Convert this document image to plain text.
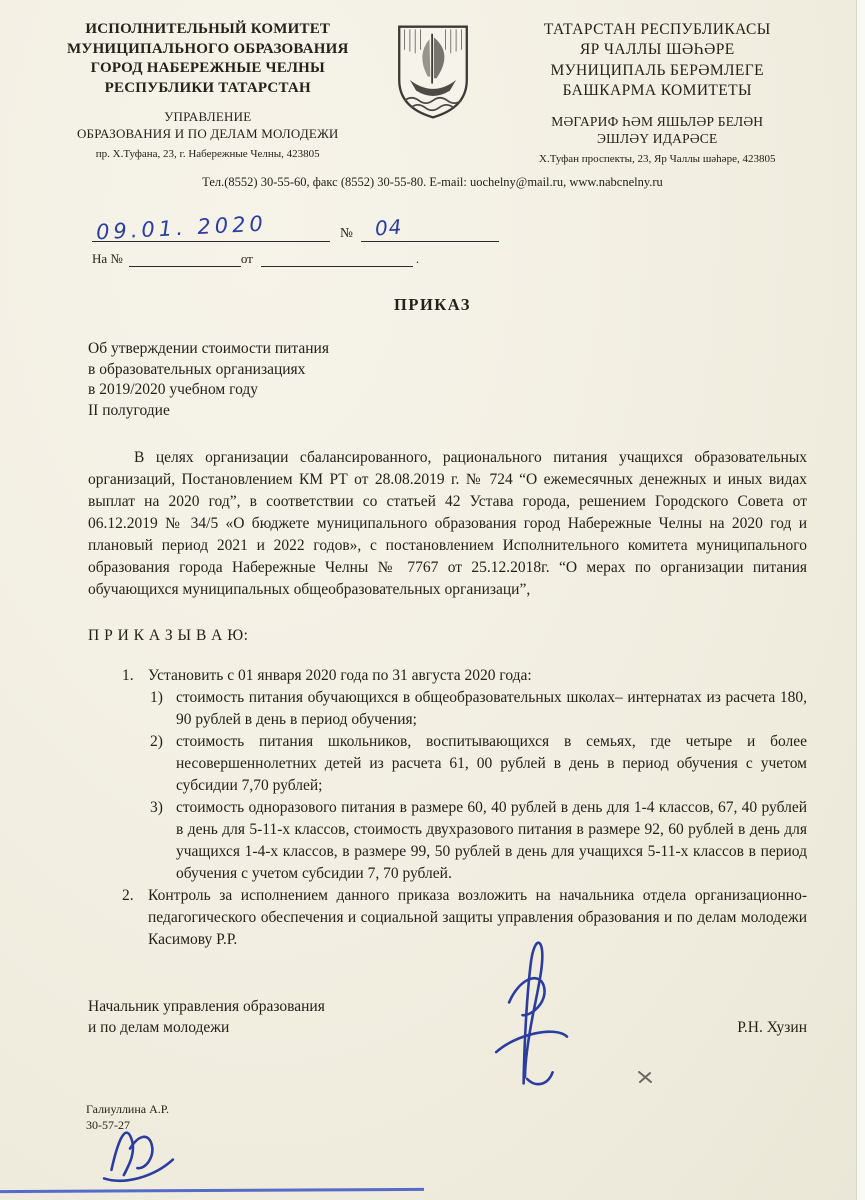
ИСПОЛНИТЕЛЬНЫЙ КОМИТЕТ
МУНИЦИПАЛЬНОГО ОБРАЗОВАНИЯ
ГОРОД НАБЕРЕЖНЫЕ ЧЕЛНЫ
РЕСПУБЛИКИ ТАТАРСТАН
УПРАВЛЕНИЕ
ОБРАЗОВАНИЯ И ПО ДЕЛАМ МОЛОДЕЖИ
пр. Х.Туфана, 23, г. Набережные Челны, 423805
ТАТАРСТАН РЕСПУБЛИКАСЫ
ЯР ЧАЛЛЫ ШӘҺӘРЕ
МУНИЦИПАЛЬ БЕРӘМЛЕГЕ
БАШКАРМА КОМИТЕТЫ
МӘГАРИФ ҺӘМ ЯШЬЛӘР БЕЛӘН
ЭШЛӘҮ ИДАРӘСЕ
Х.Туфан проспекты, 23, Яр Чаллы шәһәре, 423805
Тел.(8552) 30-55-60, факс (8552) 30-55-80. E-mail: uochelny@mail.ru, www.nabcnelny.ru
09.01. 2020	№	04
На №	от	.
ПРИКАЗ
Об утверждении стоимости питания
в образовательных организациях
в 2019/2020 учебном году
II полугодие

В целях организации сбалансированного, рационального питания учащихся образовательных организаций, Постановлением КМ РТ от 28.08.2019 г. № 724 “О ежемесячных денежных и иных видах выплат на 2020 год”, в соответствии со статьей 42 Устава города, решением Городского Совета от 06.12.2019 № 34/5 «О бюджете муниципального образования город Набережные Челны на 2020 год и плановый период 2021 и 2022 годов», с постановлением Исполнительного комитета муниципального образования города Набережные Челны № 7767 от 25.12.2018г. “О мерах по организации питания обучающихся муниципальных общеобразовательных организаци”,

П Р И К А З Ы В А Ю:

1. Установить с 01 января 2020 года по 31 августа 2020 года:
1) стоимость питания обучающихся в общеобразовательных школах– интернатах из расчета 180, 90 рублей в день в период обучения;
2) стоимость питания школьников, воспитывающихся в семьях, где четыре и более несовершеннолетних детей из расчета 61, 00 рублей в день в период обучения с учетом субсидии 7,70 рублей;
3) стоимость одноразового питания в размере 60, 40 рублей в день для 1-4 классов, 67, 40 рублей в день для 5-11-х классов, стоимость двухразового питания в размере 92, 60 рублей в день для учащихся 1-4-х классов, в размере 99, 50 рублей в день для учащихся 5-11-х классов в период обучения с учетом субсидии 7, 70 рублей.
2. Контроль за исполнением данного приказа возложить на начальника отдела организационно-педагогического обеспечения и социальной защиты управления образования и по делам молодежи Касимову Р.Р.
Начальник управления образования
и по делам молодежи	Р.Н. Хузин
Галиуллина А.Р.
30-57-27
